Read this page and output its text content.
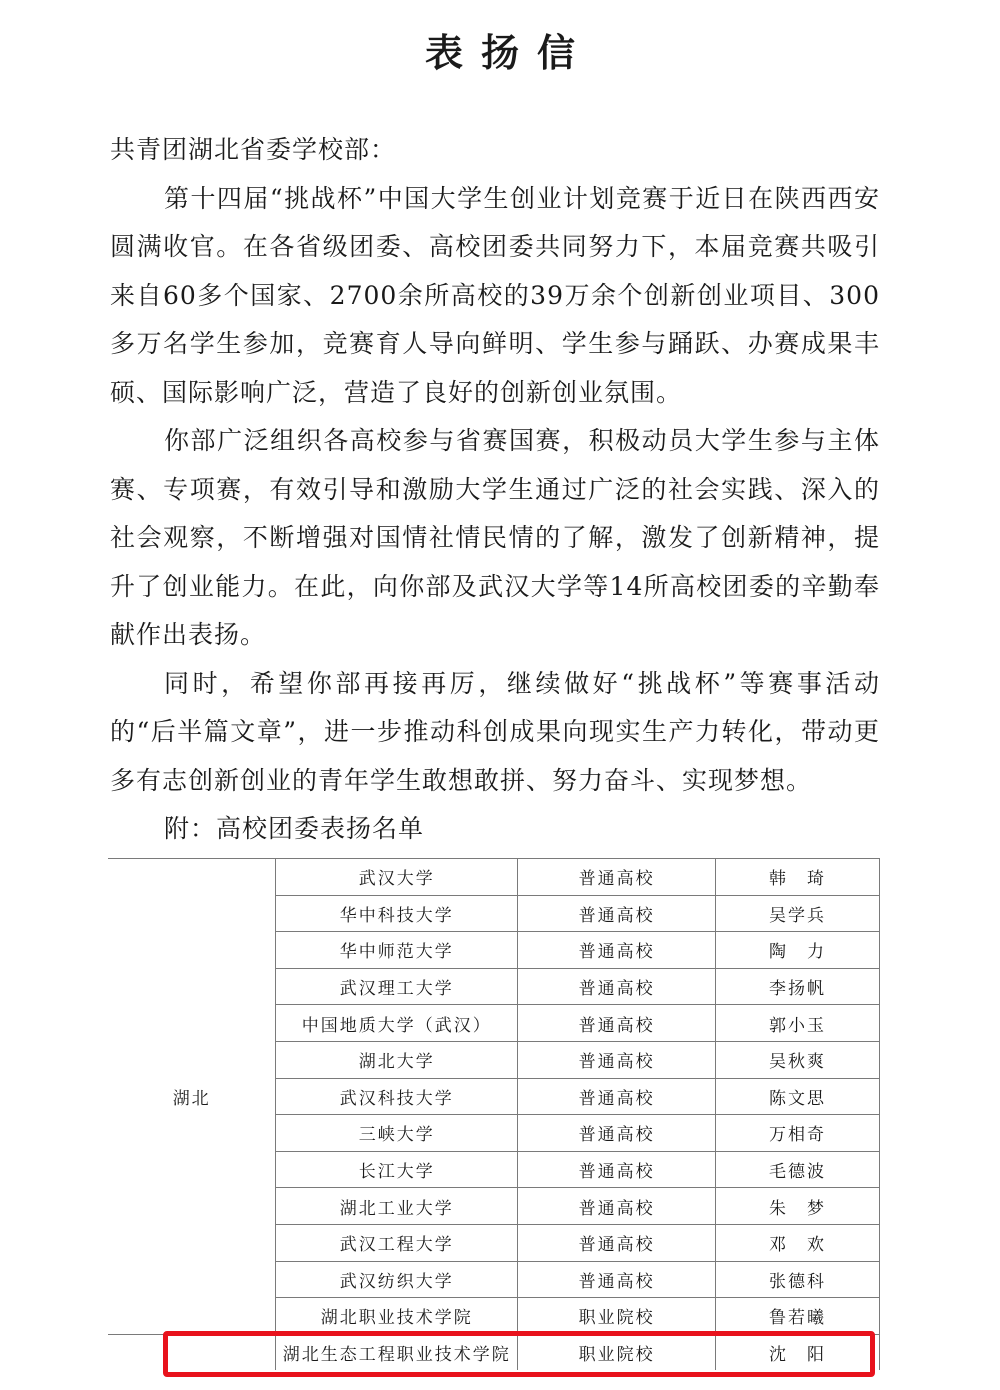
表扬信

共青团湖北省委学校部：

第十四届“挑战杯”中国大学生创业计划竞赛于近日在陕西西安圆满收官。在各省级团委、高校团委共同努力下，本届竞赛共吸引来自60多个国家、2700余所高校的39万余个创新创业项目、300多万名学生参加，竞赛育人导向鲜明、学生参与踊跃、办赛成果丰硕、国际影响广泛，营造了良好的创新创业氛围。

你部广泛组织各高校参与省赛国赛，积极动员大学生参与主体赛、专项赛，有效引导和激励大学生通过广泛的社会实践、深入的社会观察，不断增强对国情社情民情的了解，激发了创新精神，提升了创业能力。在此，向你部及武汉大学等14所高校团委的辛勤奉献作出表扬。

同时，希望你部再接再厉，继续做好“挑战杯”等赛事活动的“后半篇文章”，进一步推动科创成果向现实生产力转化，带动更多有志创新创业的青年学生敢想敢拼、努力奋斗、实现梦想。

附：高校团委表扬名单

湖北	武汉大学	普通高校	韩　琦
	华中科技大学	普通高校	吴学兵
	华中师范大学	普通高校	陶　力
	武汉理工大学	普通高校	李扬帆
	中国地质大学（武汉）	普通高校	郭小玉
	湖北大学	普通高校	吴秋爽
	武汉科技大学	普通高校	陈文思
	三峡大学	普通高校	万相奇
	长江大学	普通高校	毛德波
	湖北工业大学	普通高校	朱　梦
	武汉工程大学	普通高校	邓　欢
	武汉纺织大学	普通高校	张德科
	湖北职业技术学院	职业院校	鲁若曦
	湖北生态工程职业技术学院	职业院校	沈　阳
